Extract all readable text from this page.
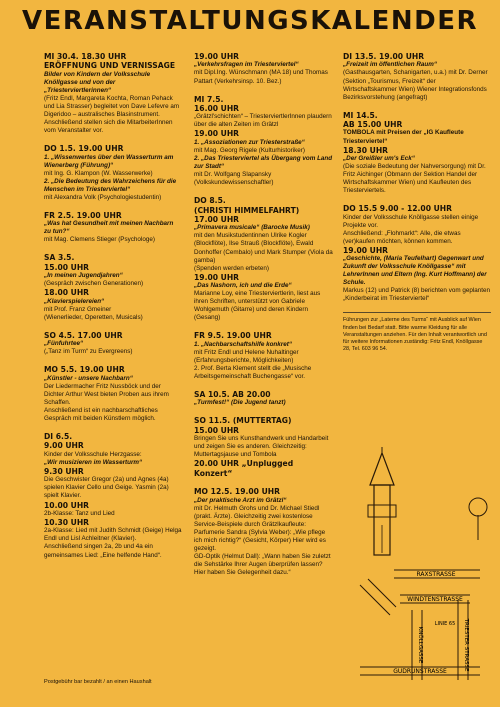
VERANSTALTUNGSKALENDER
MI 30.4. 18.30 UHR
ERÖFFNUNG UND VERNISSAGE
Bilder von Kindern der Volksschule Knöllgasse und von der „Triesterviertlerinnen“
(Fritz Endl, Margareta Kochta, Roman Pehack und Lia Strasser) begleitet von Dave Lefevre am Digeridoo – australisches Blasinstrument.
Anschließend stellen sich die MitarbeiterInnen vom Veranstalter vor.
DO 1.5. 19.00 UHR
1. „Wissenwertes über den Wasserturm am Wienerberg (Führung)“
mit Ing. G. Klampon (W. Wasserwerke)
2. „Die Bedeutung des Wahrzeichens für die Menschen im Triesterviertel“
mit Alexandra Volk (Psychologiestudentin)
FR 2.5. 19.00 UHR
„Was hat Gesundheit mit meinen Nachbarn zu tun?“
mit Mag. Clemens Stieger (Psychologe)
SA 3.5.
15.00 UHR
„In meinen Jugendjahren“
(Gespräch zwischen Generationen)
18.00 UHR
„Klavierspielereien“
mit Prof. Franz Gmeiner
(Wienerlieder, Operetten, Musicals)
SO 4.5. 17.00 UHR
„Fünfuhrtee“
(„Tanz im Turm“ zu Evergreens)
MO 5.5. 19.00 UHR
„Künstler - unsere Nachbarn“
Der Liedermacher Fritz Nussböck und der Dichter Arthur West bieten Proben aus ihrem Schaffen.
Anschließend ist ein nachbarschaftliches Gespräch mit beiden Künstlern möglich.
DI 6.5.
9.00 UHR
Kinder der Volksschule Herzgasse:
„Wir musizieren im Wasserturm“
9.30 UHR
Die Geschwister Gregor (2a) und Agnes (4a) spielen Klavier Cello und Geige. Yasmin (2a) spielt Klavier.
10.00 UHR
2b-Klasse: Tanz und Lied
10.30 UHR
2a-Klasse: Lied mit Judith Schmidt (Geige) Helga Endl und Lisl Achleitner (Klavier).
Anschließend singen 2a, 2b und 4a ein gemeinsames Lied: „Eine helfende Hand“.
19.00 UHR
„Verkehrsfragen im Triesterviertel“
mit Dipl.Ing. Wünschmann (MA 18) und Thomas Pattart (Verkehrsinsp. 10. Bez.)
MI 7.5.
16.00 UHR
„Grätzl'schichten“ – TriesterviertlerInnen plaudern über die alten Zeiten im Grätzl
19.00 UHR
1. „Assoziationen zur Triesterstraße“
mit Mag. Georg Rigele (Kulturhistoriker)
2. „Das Triesterviertel als Übergang vom Land zur Stadt“
mit Dr. Wolfgang Slapansky (Volkskundewissenschaftler)
DO 8.5.
(CHRISTI HIMMELFAHRT)
17.00 UHR
„Primavera musicale“ (Barocke Musik)
mit den Musikstudentinnen Ulrike Kogler (Blockflöte), Ilse Strauß (Blockflöte), Ewald Donhoffer (Cembalo) und Mark Stumper (Viola da gamba)
(Spenden werden erbeten)
19.00 UHR
„Das Nashorn, ich und die Erde“
Marianne Loy, eine Triesterviertlerin, liest aus ihren Schriften, unterstützt von Gabriele Wohlgemuth (Gitarre) und deren Kindern (Gesang)
FR 9.5. 19.00 UHR
1. „Nachbarschaftshilfe konkret“
mit Fritz Endl und Helene Nuhaltinger (Erfahrungsberichte, Möglichkeiten)
2. Prof. Berta Klement stellt die „Musische Arbeitsgemeinschaft Buchengasse“ vor.
SA 10.5. AB 20.00
„Turmfest!“ (Die Jugend tanzt)
SO 11.5. (MUTTERTAG)
15.00 UHR
Bringen Sie uns Kunsthandwerk und Handarbeit und zeigen Sie es anderen. Gleichzeitig: Muttertagsjause und Tombola
20.00 UHR „Unplugged Konzert“
MO 12.5. 19.00 UHR
„Der praktische Arzt im Grätzl“
mit Dr. Helmuth Grohs und Dr. Michael Stiedl (prakt. Ärzte). Gleichzeitig zwei kostenlose Service-Beispiele durch Grätzlkaufleute: Parfumerie Sandra (Sylvia Weber): „Wie pflege ich mich richtig?“ (Gesicht, Körper) Hier wird es gezeigt.
GD-Optik (Helmut Dall): „Wann haben Sie zuletzt die Sehstärke Ihrer Augen überprüfen lassen? Hier haben Sie Gelegenheit dazu.“
DI 13.5. 19.00 UHR
„Freizeit im öffentlichen Raum“
(Gasthausgarten, Schanigarten, u.a.) mit Dr. Derner (Sektion „Tourismus, Freizeit“ der Wirtschaftskammer Wien) Wiener Integrationsfonds Bezirksvorstehung (angefragt)
MI 14.5.
AB 15.00 UHR
TOMBOLA mit Preisen der „IG Kaufleute Triesterviertel“
18.30 UHR
„Der Greißler um's Eck“
(Die soziale Bedeutung der Nahversorgung) mit Dr. Fritz Aichinger (Obmann der Sektion Handel der Wirtschaftskammer Wien) und Kaufleuten des Triesterviertels.
DO 15.5 9.00 - 12.00 UHR
Kinder der Volksschule Knöllgasse stellen einige Projekte vor.
Anschließend: „Flohmarkt“: Alle, die etwas (ver)kaufen möchten, können kommen.
19.00 UHR
„Geschichte, (Maria Teufelhart) Gegenwart und Zukunft der Volksschule Knöllgasse“ mit LehrerInnen und Eltern (Ing. Kurt Hoffmann) der Schule.
Markus (12) und Patrick (8) berichten vom geplanten „Kinderbeirat im Triesterviertel“
Führungen zur „Laterne des Turms“ mit Ausblick auf Wien finden bei Bedarf statt. Bitte warme Kleidung für alle Veranstaltungen anziehen. Für den Inhalt verantwortlich und für weitere Informationen zuständig: Fritz Endl, Knöllgasse 28, Tel. 603 96 54.
Postgebühr bar bezahlt / an einen Haushalt
RAXSTRASSE
WINDTENSTRASSE
KNÖLLGASSE	TRIESTER STRASSE
GUDRUNSTRASSE
LINIE 65
